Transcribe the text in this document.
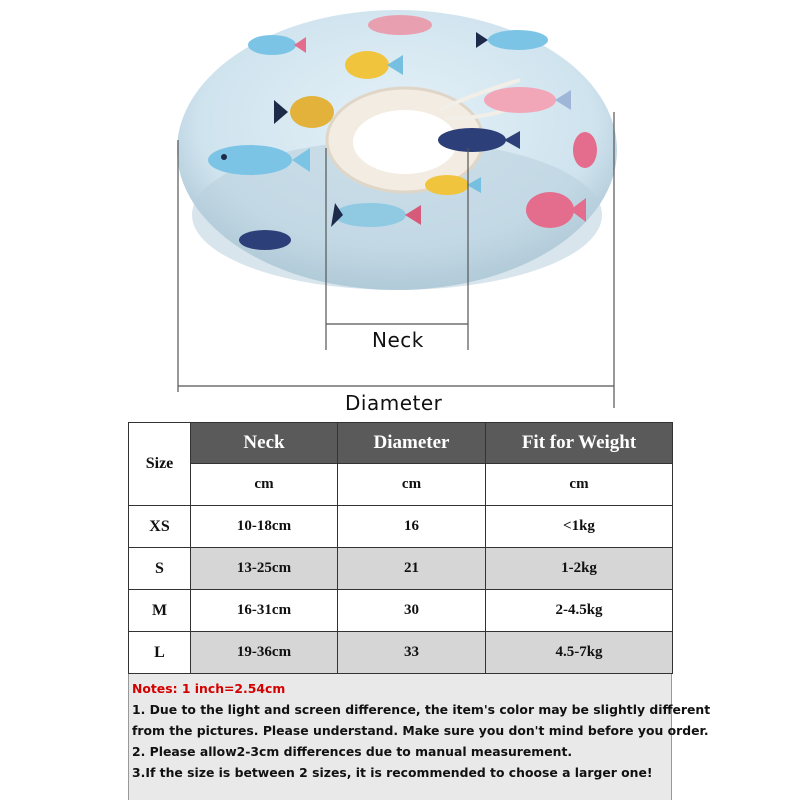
Neck
Diameter
Size	Neck	Diameter	Fit for Weight
	cm	cm	cm
XS	10-18cm	16	<1kg
S	13-25cm	21	1-2kg
M	16-31cm	30	2-4.5kg
L	19-36cm	33	4.5-7kg
Notes: 1 inch=2.54cm
1. Due to the light and screen difference, the item's color may be slightly different
from the pictures. Please understand. Make sure you don't mind before you order.
2. Please allow2-3cm differences due to manual measurement.
3.If the size is between 2 sizes, it is recommended to choose a larger one!
